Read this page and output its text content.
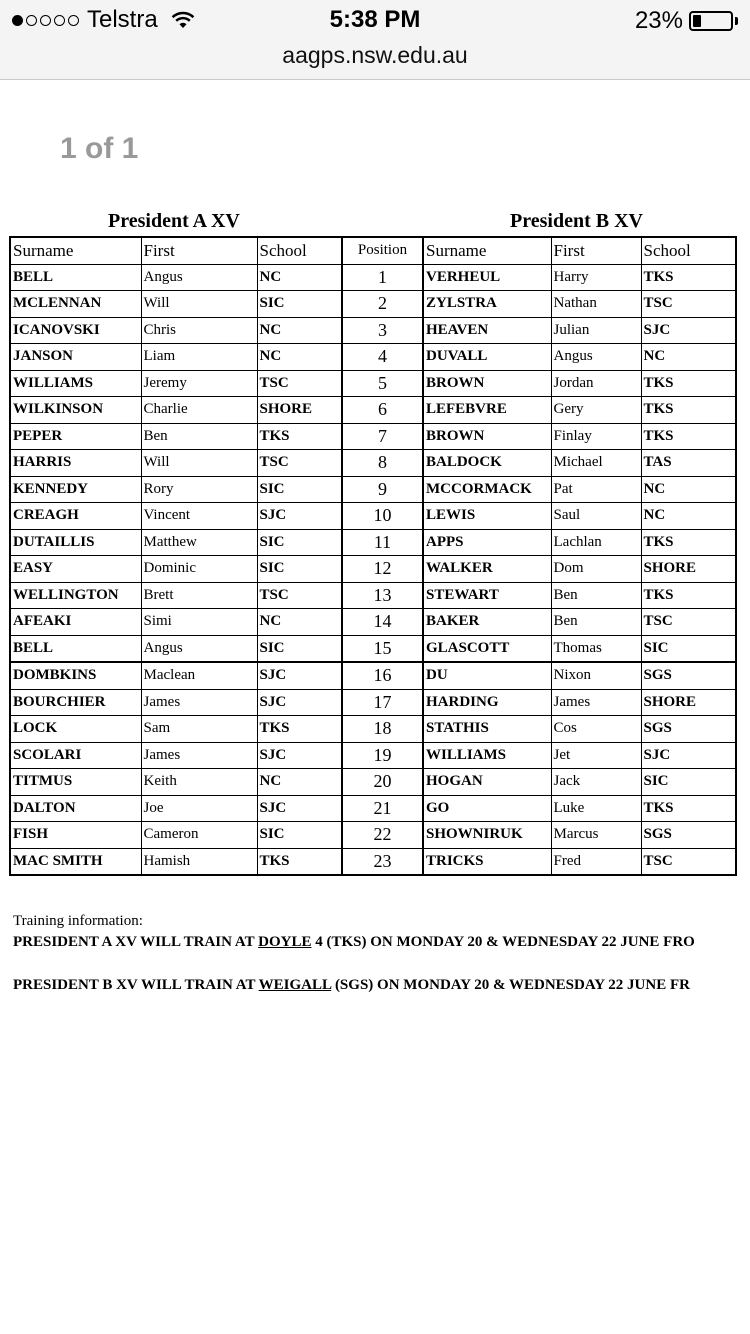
Telstra	5:38 PM	23%
aagps.nsw.edu.au
1 of 1
President A XV	President B XV
Surname	First	School	Position	Surname	First	School
BELL	Angus	NC	1	VERHEUL	Harry	TKS
MCLENNAN	Will	SIC	2	ZYLSTRA	Nathan	TSC
ICANOVSKI	Chris	NC	3	HEAVEN	Julian	SJC
JANSON	Liam	NC	4	DUVALL	Angus	NC
WILLIAMS	Jeremy	TSC	5	BROWN	Jordan	TKS
WILKINSON	Charlie	SHORE	6	LEFEBVRE	Gery	TKS
PEPER	Ben	TKS	7	BROWN	Finlay	TKS
HARRIS	Will	TSC	8	BALDOCK	Michael	TAS
KENNEDY	Rory	SIC	9	MCCORMACK	Pat	NC
CREAGH	Vincent	SJC	10	LEWIS	Saul	NC
DUTAILLIS	Matthew	SIC	11	APPS	Lachlan	TKS
EASY	Dominic	SIC	12	WALKER	Dom	SHORE
WELLINGTON	Brett	TSC	13	STEWART	Ben	TKS
AFEAKI	Simi	NC	14	BAKER	Ben	TSC
BELL	Angus	SIC	15	GLASCOTT	Thomas	SIC
DOMBKINS	Maclean	SJC	16	DU	Nixon	SGS
BOURCHIER	James	SJC	17	HARDING	James	SHORE
LOCK	Sam	TKS	18	STATHIS	Cos	SGS
SCOLARI	James	SJC	19	WILLIAMS	Jet	SJC
TITMUS	Keith	NC	20	HOGAN	Jack	SIC
DALTON	Joe	SJC	21	GO	Luke	TKS
FISH	Cameron	SIC	22	SHOWNIRUK	Marcus	SGS
MAC SMITH	Hamish	TKS	23	TRICKS	Fred	TSC
Training information:
PRESIDENT A XV WILL TRAIN AT DOYLE 4 (TKS) ON MONDAY 20 & WEDNESDAY 22 JUNE FRO
PRESIDENT B XV WILL TRAIN AT WEIGALL (SGS) ON MONDAY 20 & WEDNESDAY 22 JUNE FR
